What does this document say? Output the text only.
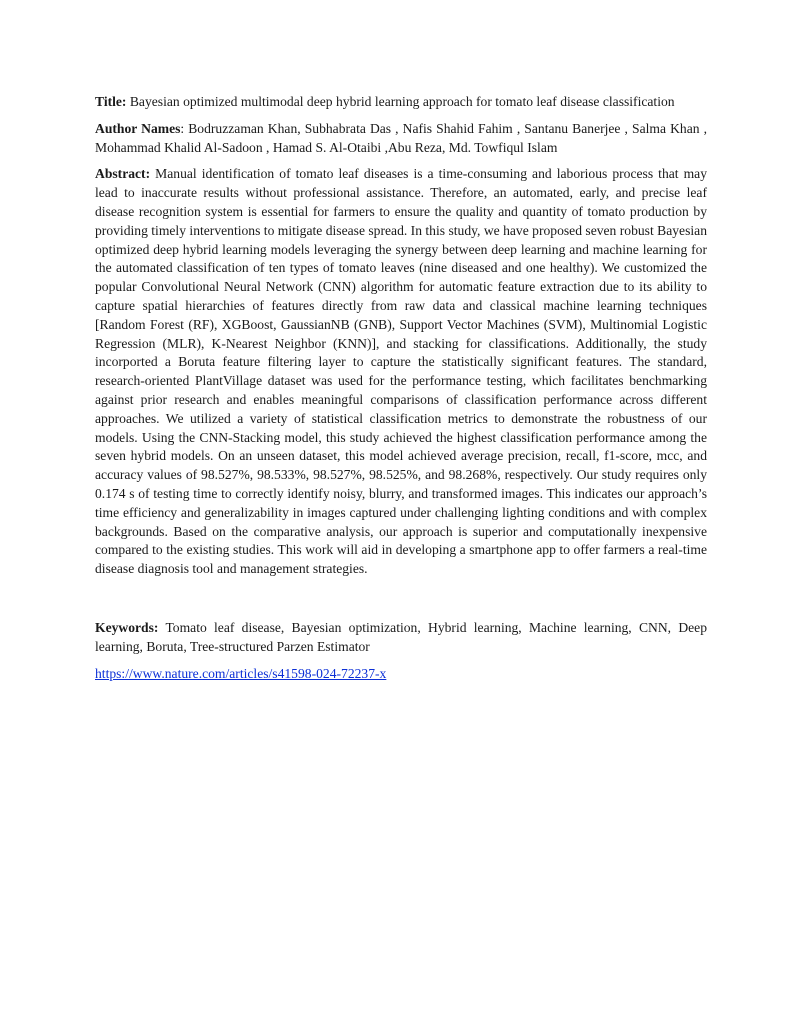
Title: Bayesian optimized multimodal deep hybrid learning approach for tomato leaf disease classification

Author Names: Bodruzzaman Khan, Subhabrata Das , Nafis Shahid Fahim , Santanu Banerjee , Salma Khan , Mohammad Khalid Al-Sadoon , Hamad S. Al-Otaibi ,Abu Reza, Md. Towfiqul Islam

Abstract: Manual identification of tomato leaf diseases is a time-consuming and laborious process that may lead to inaccurate results without professional assistance. Therefore, an automated, early, and precise leaf disease recognition system is essential for farmers to ensure the quality and quantity of tomato production by providing timely interventions to mitigate disease spread. In this study, we have proposed seven robust Bayesian optimized deep hybrid learning models leveraging the synergy between deep learning and machine learning for the automated classification of ten types of tomato leaves (nine diseased and one healthy). We customized the popular Convolutional Neural Network (CNN) algorithm for automatic feature extraction due to its ability to capture spatial hierarchies of features directly from raw data and classical machine learning techniques [Random Forest (RF), XGBoost, GaussianNB (GNB), Support Vector Machines (SVM), Multinomial Logistic Regression (MLR), K-Nearest Neighbor (KNN)], and stacking for classifications. Additionally, the study incorported a Boruta feature filtering layer to capture the statistically significant features. The standard, research-oriented PlantVillage dataset was used for the performance testing, which facilitates benchmarking against prior research and enables meaningful comparisons of classification performance across different approaches. We utilized a variety of statistical classification metrics to demonstrate the robustness of our models. Using the CNN-Stacking model, this study achieved the highest classification performance among the seven hybrid models. On an unseen dataset, this model achieved average precision, recall, f1-score, mcc, and accuracy values of 98.527%, 98.533%, 98.527%, 98.525%, and 98.268%, respectively. Our study requires only 0.174 s of testing time to correctly identify noisy, blurry, and transformed images. This indicates our approach’s time efficiency and generalizability in images captured under challenging lighting conditions and with complex backgrounds. Based on the comparative analysis, our approach is superior and computationally inexpensive compared to the existing studies. This work will aid in developing a smartphone app to offer farmers a real-time disease diagnosis tool and management strategies.

Keywords: Tomato leaf disease, Bayesian optimization, Hybrid learning, Machine learning, CNN, Deep learning, Boruta, Tree-structured Parzen Estimator

https://www.nature.com/articles/s41598-024-72237-x
